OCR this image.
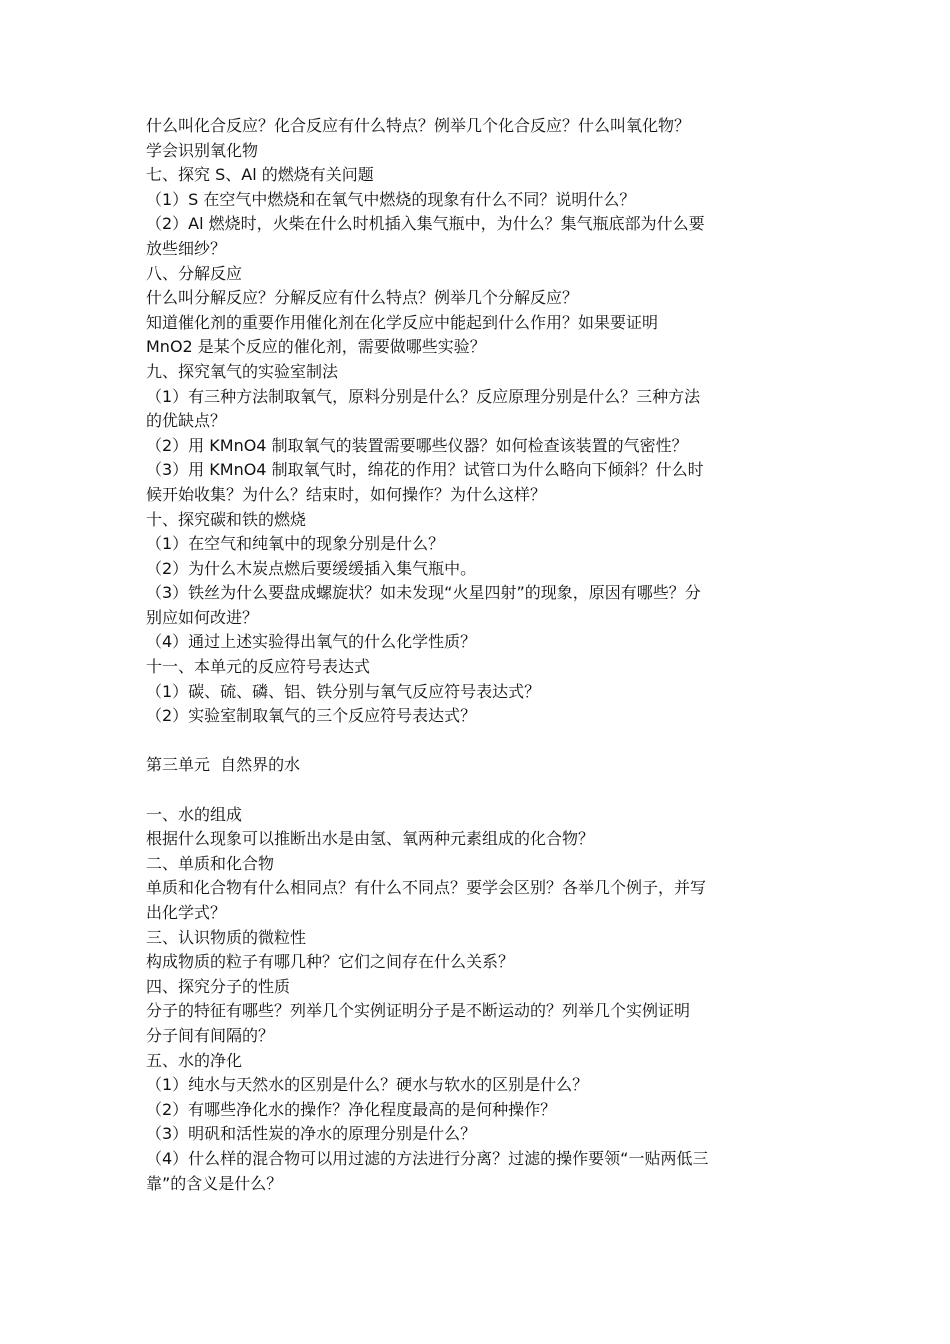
什么叫化合反应？化合反应有什么特点？例举几个化合反应？什么叫氧化物？
学会识别氧化物
七、探究 S、Al 的燃烧有关问题
（1）S 在空气中燃烧和在氧气中燃烧的现象有什么不同？说明什么？
（2）Al 燃烧时，火柴在什么时机插入集气瓶中，为什么？集气瓶底部为什么要
放些细纱？
八、分解反应
什么叫分解反应？分解反应有什么特点？例举几个分解反应？
知道催化剂的重要作用催化剂在化学反应中能起到什么作用？如果要证明
MnO2 是某个反应的催化剂，需要做哪些实验？
九、探究氧气的实验室制法
（1）有三种方法制取氧气，原料分别是什么？反应原理分别是什么？三种方法
的优缺点？
（2）用 KMnO4 制取氧气的装置需要哪些仪器？如何检查该装置的气密性？
（3）用 KMnO4 制取氧气时，绵花的作用？试管口为什么略向下倾斜？什么时
候开始收集？为什么？结束时，如何操作？为什么这样？
十、探究碳和铁的燃烧
（1）在空气和纯氧中的现象分别是什么？
（2）为什么木炭点燃后要缓缓插入集气瓶中。
（3）铁丝为什么要盘成螺旋状？如未发现“火星四射”的现象，原因有哪些？分
别应如何改进？
（4）通过上述实验得出氧气的什么化学性质？
十一、本单元的反应符号表达式
（1）碳、硫、磷、铝、铁分别与氧气反应符号表达式？
（2）实验室制取氧气的三个反应符号表达式？
第三单元  自然界的水
一、水的组成
根据什么现象可以推断出水是由氢、氧两种元素组成的化合物？
二、单质和化合物
单质和化合物有什么相同点？有什么不同点？要学会区别？各举几个例子，并写
出化学式？
三、认识物质的微粒性
构成物质的粒子有哪几种？它们之间存在什么关系？
四、探究分子的性质
分子的特征有哪些？列举几个实例证明分子是不断运动的？列举几个实例证明
分子间有间隔的？
五、水的净化
（1）纯水与天然水的区别是什么？硬水与软水的区别是什么？
（2）有哪些净化水的操作？净化程度最高的是何种操作？
（3）明矾和活性炭的净水的原理分别是什么？
（4）什么样的混合物可以用过滤的方法进行分离？过滤的操作要领“一贴两低三
靠”的含义是什么？
